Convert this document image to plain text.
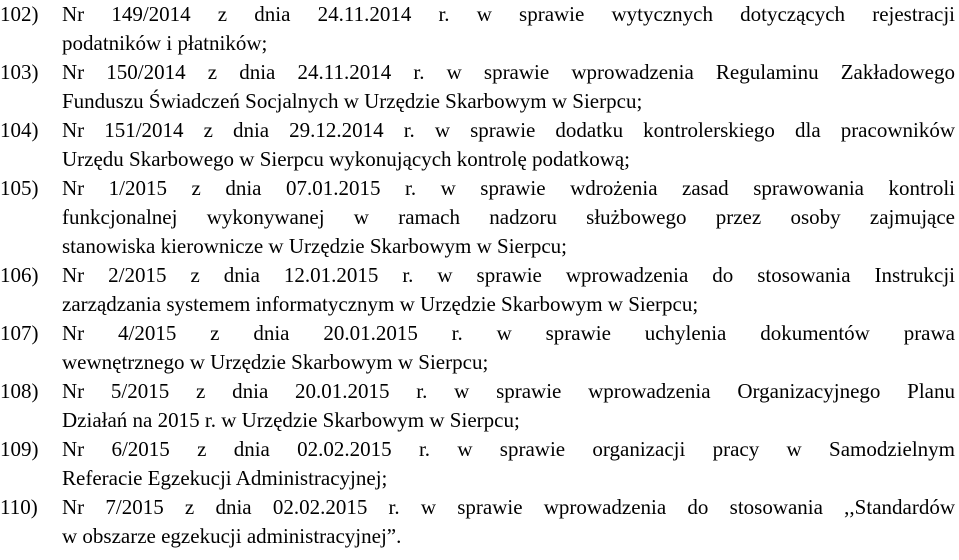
102) Nr 149/2014 z dnia 24.11.2014 r. w sprawie wytycznych dotyczących rejestracji
podatników i płatników;
103) Nr 150/2014 z dnia 24.11.2014 r. w sprawie wprowadzenia Regulaminu Zakładowego
Funduszu Świadczeń Socjalnych w Urzędzie Skarbowym w Sierpcu;
104) Nr 151/2014 z dnia 29.12.2014 r. w sprawie dodatku kontrolerskiego dla pracowników
Urzędu Skarbowego w Sierpcu wykonujących kontrolę podatkową;
105) Nr 1/2015 z dnia 07.01.2015 r. w sprawie wdrożenia zasad sprawowania kontroli
funkcjonalnej wykonywanej w ramach nadzoru służbowego przez osoby zajmujące
stanowiska kierownicze w Urzędzie Skarbowym w Sierpcu;
106) Nr 2/2015 z dnia 12.01.2015 r. w sprawie wprowadzenia do stosowania Instrukcji
zarządzania systemem informatycznym w Urzędzie Skarbowym w Sierpcu;
107) Nr 4/2015 z dnia 20.01.2015 r. w sprawie uchylenia dokumentów prawa
wewnętrznego w Urzędzie Skarbowym w Sierpcu;
108) Nr 5/2015 z dnia 20.01.2015 r. w sprawie wprowadzenia Organizacyjnego Planu
Działań na 2015 r. w Urzędzie Skarbowym w Sierpcu;
109) Nr 6/2015 z dnia 02.02.2015 r. w sprawie organizacji pracy w Samodzielnym
Referacie Egzekucji Administracyjnej;
110) Nr 7/2015 z dnia 02.02.2015 r. w sprawie wprowadzenia do stosowania ,,Standardów
w obszarze egzekucji administracyjnej”.
